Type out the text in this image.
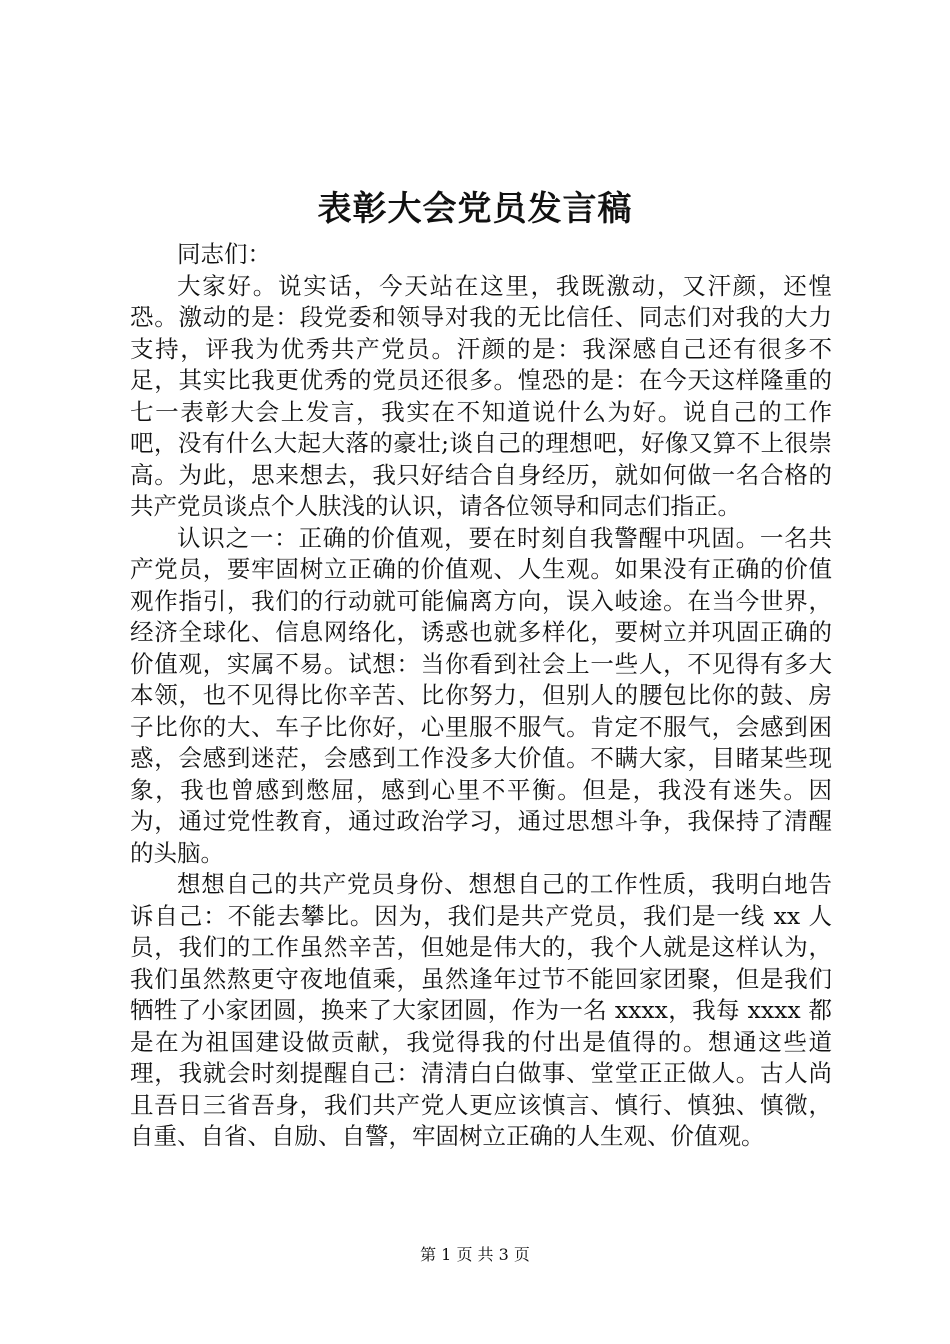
表彰大会党员发言稿

同志们：

大家好。说实话，今天站在这里，我既激动，又汗颜，还惶恐。激动的是：段党委和领导对我的无比信任、同志们对我的大力支持，评我为优秀共产党员。汗颜的是：我深感自己还有很多不足，其实比我更优秀的党员还很多。惶恐的是：在今天这样隆重的七一表彰大会上发言，我实在不知道说什么为好。说自己的工作吧，没有什么大起大落的豪壮;谈自己的理想吧，好像又算不上很崇高。为此，思来想去，我只好结合自身经历，就如何做一名合格的共产党员谈点个人肤浅的认识，请各位领导和同志们指正。

认识之一：正确的价值观，要在时刻自我警醒中巩固。一名共产党员，要牢固树立正确的价值观、人生观。如果没有正确的价值观作指引，我们的行动就可能偏离方向，误入岐途。在当今世界，经济全球化、信息网络化，诱惑也就多样化，要树立并巩固正确的价值观，实属不易。试想：当你看到社会上一些人，不见得有多大本领，也不见得比你辛苦、比你努力，但别人的腰包比你的鼓、房子比你的大、车子比你好，心里服不服气。肯定不服气，会感到困惑，会感到迷茫，会感到工作没多大价值。不瞒大家，目睹某些现象，我也曾感到憋屈，感到心里不平衡。但是，我没有迷失。因为，通过党性教育，通过政治学习，通过思想斗争，我保持了清醒的头脑。

想想自己的共产党员身份、想想自己的工作性质，我明白地告诉自己：不能去攀比。因为，我们是共产党员，我们是一线 xx 人员，我们的工作虽然辛苦，但她是伟大的，我个人就是这样认为，我们虽然熬更守夜地值乘，虽然逢年过节不能回家团聚，但是我们牺牲了小家团圆，换来了大家团圆，作为一名 xxxx，我每 xxxx 都是在为祖国建设做贡献，我觉得我的付出是值得的。想通这些道理，我就会时刻提醒自己：清清白白做事、堂堂正正做人。古人尚且吾日三省吾身，我们共产党人更应该慎言、慎行、慎独、慎微，自重、自省、自励、自警，牢固树立正确的人生观、价值观。

第 1 页 共 3 页
